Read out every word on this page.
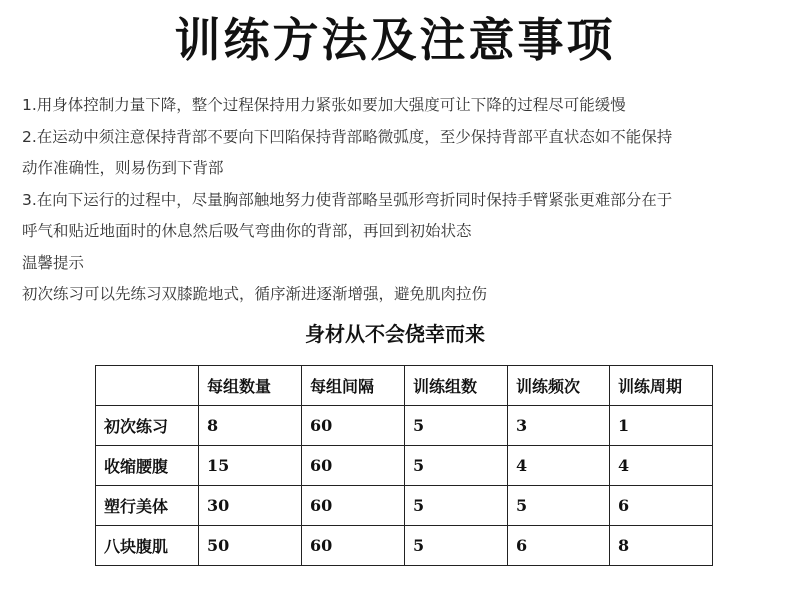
训练方法及注意事项

1.用身体控制力量下降，整个过程保持用力紧张如要加大强度可让下降的过程尽可能缓慢

2.在运动中须注意保持背部不要向下凹陷保持背部略微弧度，至少保持背部平直状态如不能保持

动作准确性，则易伤到下背部

3.在向下运行的过程中，尽量胸部触地努力使背部略呈弧形弯折同时保持手臂紧张更难部分在于

呼气和贴近地面时的休息然后吸气弯曲你的背部，再回到初始状态

温馨提示

初次练习可以先练习双膝跪地式，循序渐进逐渐增强，避免肌肉拉伤

身材从不会侥幸而来
	每组数量	每组间隔	训练组数	训练频次	训练周期
初次练习	8	60	5	3	1
收缩腰腹	15	60	5	4	4
塑行美体	30	60	5	5	6
八块腹肌	50	60	5	6	8
